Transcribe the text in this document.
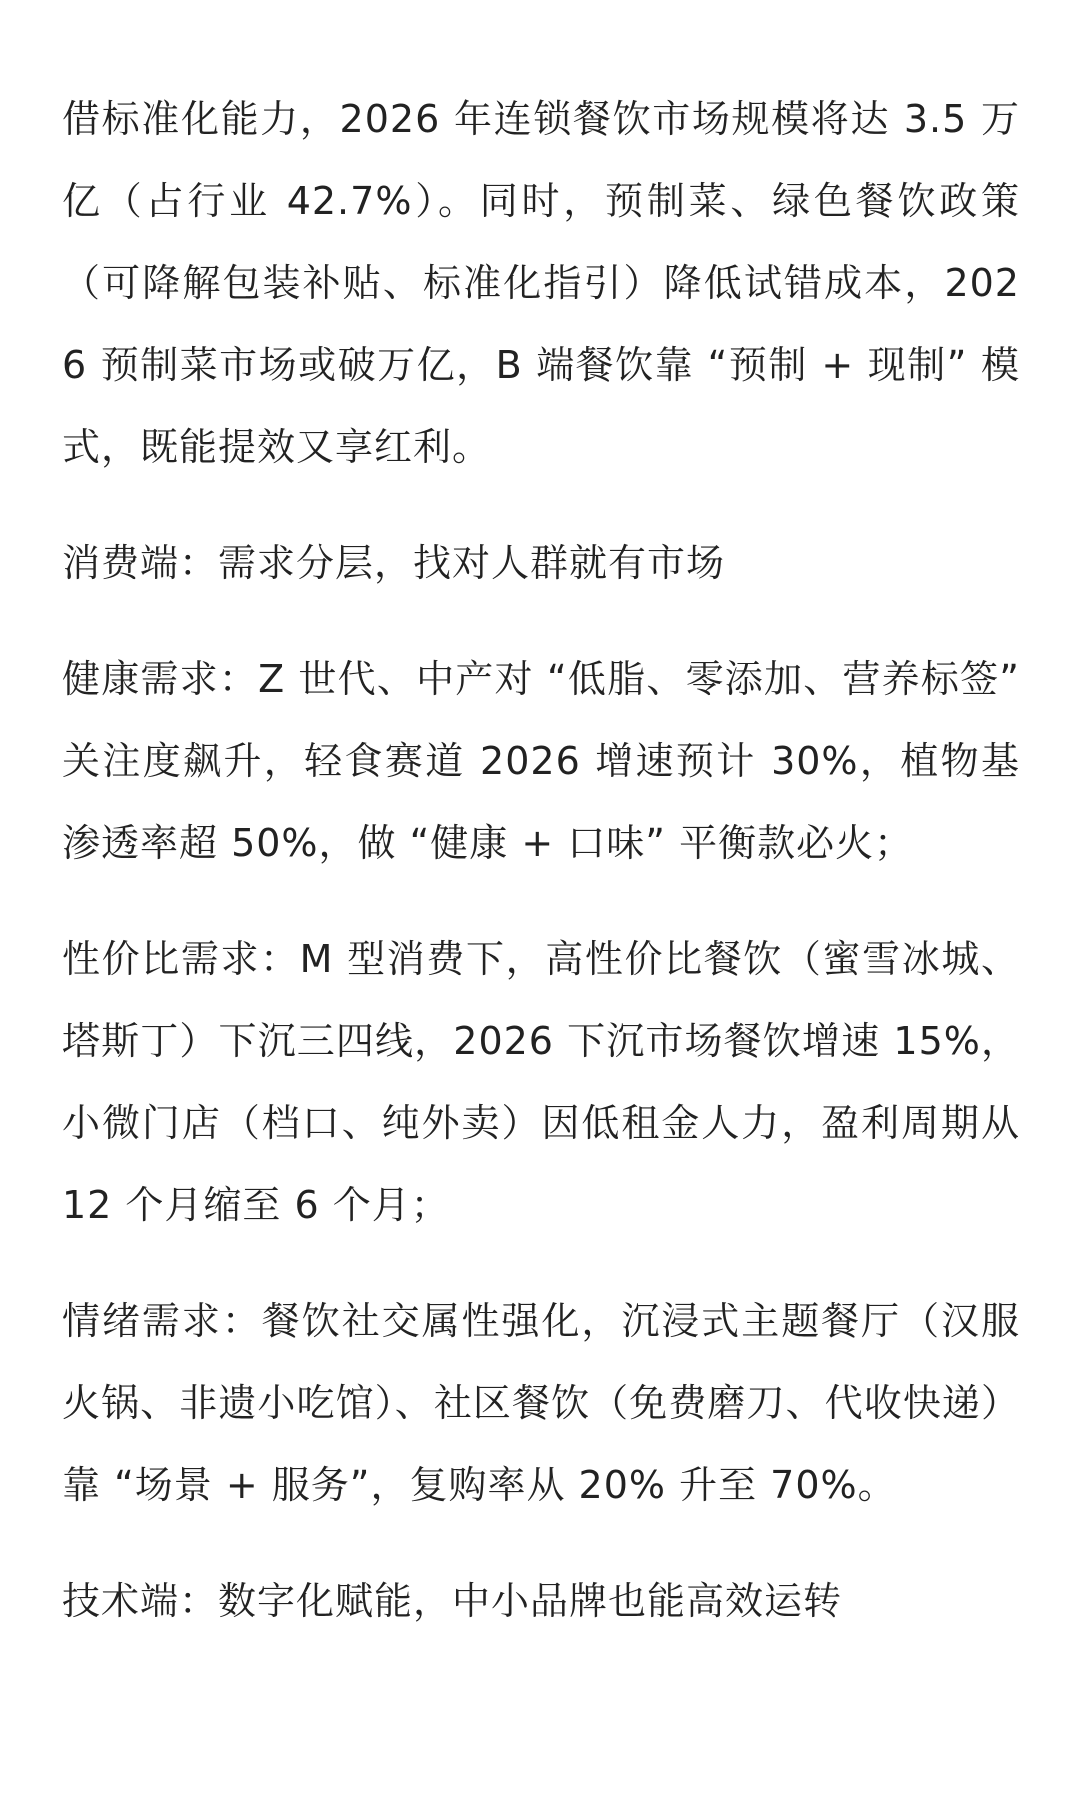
借标准化能力，2026 年连锁餐饮市场规模将达 3.5 万亿（占行业 42.7%）。同时，预制菜、绿色餐饮政策（可降解包装补贴、标准化指引）降低试错成本，2026 预制菜市场或破万亿，B 端餐饮靠 “预制 + 现制” 模式，既能提效又享红利。

消费端：需求分层，找对人群就有市场

健康需求：Z 世代、中产对 “低脂、零添加、营养标签” 关注度飙升，轻食赛道 2026 增速预计 30%，植物基渗透率超 50%，做 “健康 + 口味” 平衡款必火；

性价比需求：M 型消费下，高性价比餐饮（蜜雪冰城、塔斯丁）下沉三四线，2026 下沉市场餐饮增速 15%，小微门店（档口、纯外卖）因低租金人力，盈利周期从 12 个月缩至 6 个月；

情绪需求：餐饮社交属性强化，沉浸式主题餐厅（汉服火锅、非遗小吃馆）、社区餐饮（免费磨刀、代收快递）靠 “场景 + 服务”，复购率从 20% 升至 70%。

技术端：数字化赋能，中小品牌也能高效运转
